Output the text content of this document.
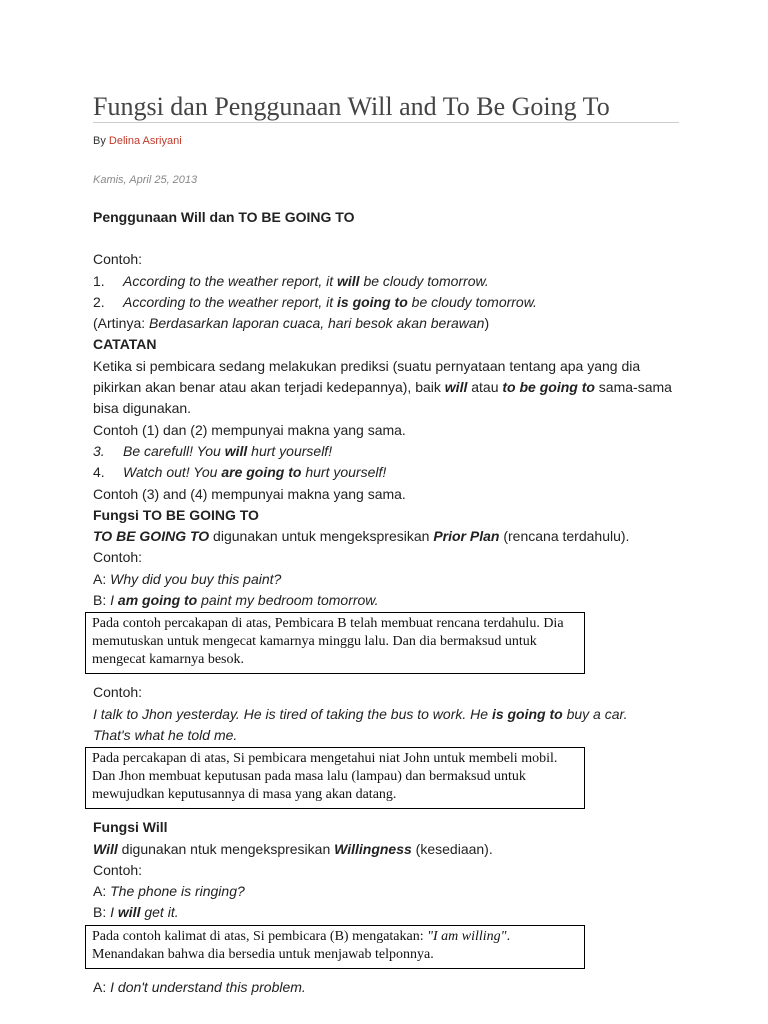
Fungsi dan Penggunaan Will and To Be Going To
By Delina Asriyani
Kamis, April 25, 2013

Penggunaan Will dan TO BE GOING TO

Contoh:

1. According to the weather report, it will be cloudy tomorrow.

2. According to the weather report, it is going to be cloudy tomorrow.

(Artinya: Berdasarkan laporan cuaca, hari besok akan berawan)

CATATAN

Ketika si pembicara sedang melakukan prediksi (suatu pernyataan tentang apa yang dia pikirkan akan benar atau akan terjadi kedepannya), baik will atau to be going to sama-sama bisa digunakan.

Contoh (1) dan (2) mempunyai makna yang sama.

3. Be carefull! You will hurt yourself!

4. Watch out! You are going to hurt yourself!

Contoh (3) and (4) mempunyai makna yang sama.

Fungsi TO BE GOING TO

TO BE GOING TO digunakan untuk mengekspresikan Prior Plan (rencana terdahulu).

Contoh:

A: Why did you buy this paint?

B: I am going to paint my bedroom tomorrow.

Pada contoh percakapan di atas, Pembicara B telah membuat rencana terdahulu. Dia memutuskan untuk mengecat kamarnya minggu lalu. Dan dia bermaksud untuk mengecat kamarnya besok.

Contoh:

I talk to Jhon yesterday. He is tired of taking the bus to work. He is going to buy a car.

That's what he told me.

Pada percakapan di atas, Si pembicara mengetahui niat John untuk membeli mobil. Dan Jhon membuat keputusan pada masa lalu (lampau) dan bermaksud untuk mewujudkan keputusannya di masa yang akan datang.

Fungsi Will

Will digunakan ntuk mengekspresikan Willingness (kesediaan).

Contoh:

A: The phone is ringing?

B: I will get it.

Pada contoh kalimat di atas, Si pembicara (B) mengatakan: "I am willing". Menandakan bahwa dia bersedia untuk menjawab telponnya.

A: I don't understand this problem.
